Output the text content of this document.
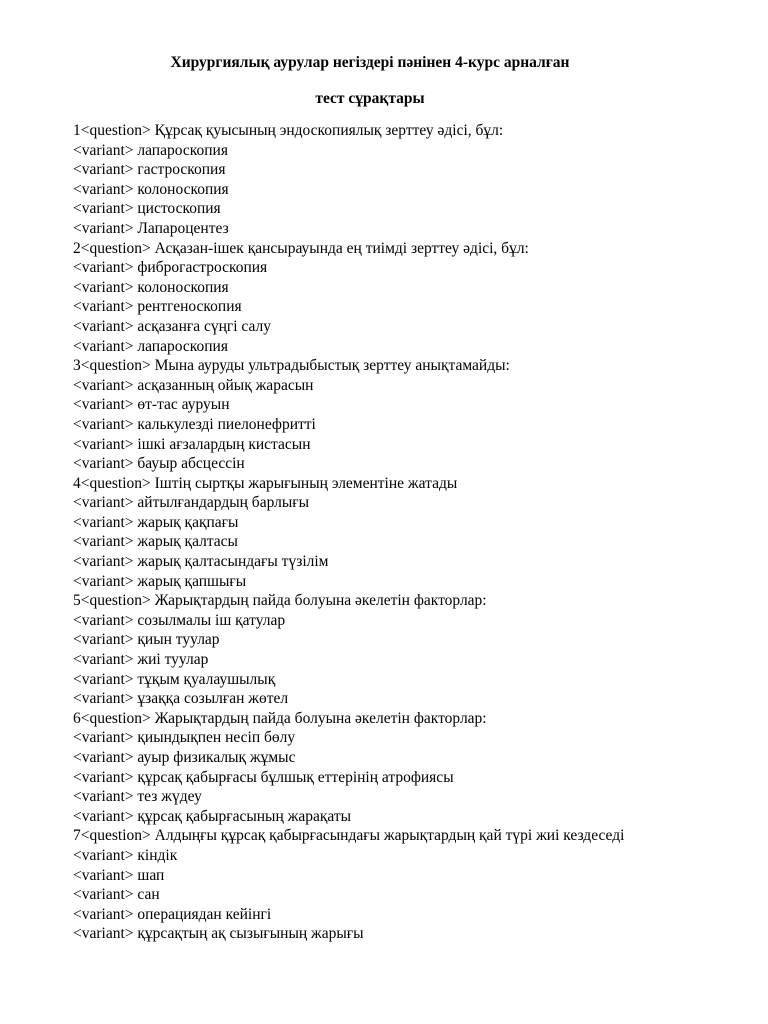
Хирургиялық аурулар негіздері пәнінен 4-курс арналған
тест сұрақтары

1<question> Құрсақ қуысының эндоскопиялық зерттеу әдісі, бұл:

<variant> лапароскопия

<variant> гастроскопия

<variant> колоноскопия

<variant> цистоскопия

<variant> Лапароцентез

2<question> Асқазан-ішек қансырауында ең тиімді зерттеу әдісі, бұл:

<variant> фиброгастроскопия

<variant> колоноскопия

<variant> рентгеноскопия

<variant> асқазанға сүңгі салу

<variant> лапароскопия

3<question> Мына ауруды ультрадыбыстық зерттеу анықтамайды:

<variant> асқазанның ойық жарасын

<variant> өт-тас ауруын

<variant> калькулезді пиелонефритті

<variant> ішкі ағзалардың кистасын

<variant> бауыр абсцессін

4<question> Іштің сыртқы жарығының элементіне жатады

<variant> айтылғандардың барлығы

<variant> жарық қақпағы

<variant> жарық қалтасы

<variant> жарық қалтасындағы түзілім

<variant> жарық қапшығы

5<question> Жарықтардың пайда болуына әкелетін факторлар:

<variant> созылмалы іш қатулар

<variant> қиын туулар

<variant> жиі туулар

<variant> тұқым қуалаушылық

<variant> ұзаққа созылған жөтел

6<question> Жарықтардың пайда болуына әкелетін факторлар:

<variant> қиындықпен несіп бөлу

<variant> ауыр физикалық жұмыс

<variant> құрсақ қабырғасы бұлшық еттерінің атрофиясы

<variant> тез жүдеу

<variant> құрсақ қабырғасының жарақаты

7<question> Алдыңғы құрсақ қабырғасындағы жарықтардың қай түрі жиі кездеседі

<variant> кіндік

<variant> шап

<variant> сан

<variant> операциядан кейінгі

<variant> құрсақтың ақ сызығының жарығы
